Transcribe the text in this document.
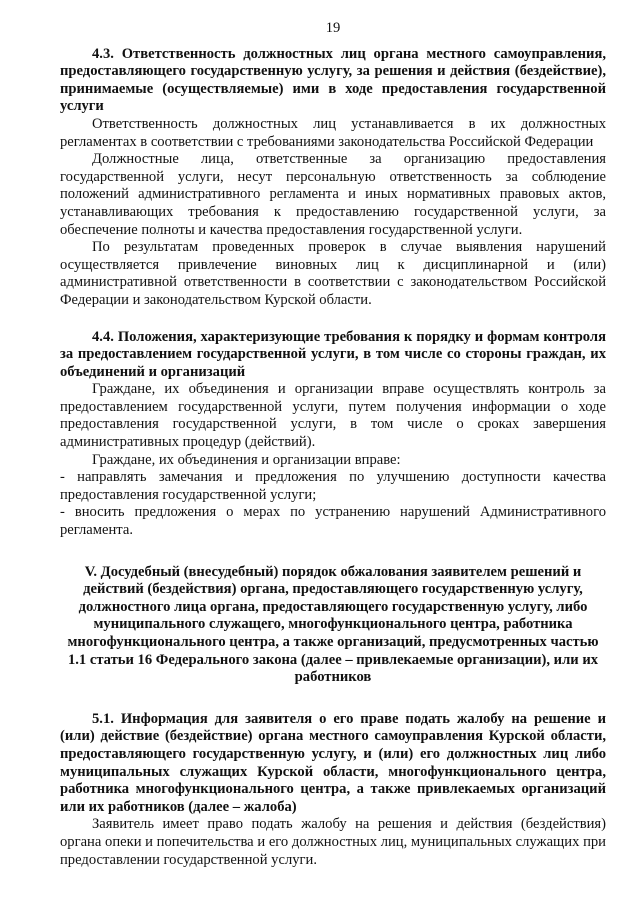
19

4.3. Ответственность должностных лиц органа местного самоуправления, предоставляющего государственную услугу, за решения и действия (бездействие), принимаемые (осуществляемые) ими в ходе предоставления государственной услуги

Ответственность должностных лиц устанавливается в их должностных регламентах в соответствии с требованиями законодательства Российской Федерации

Должностные лица, ответственные за организацию предоставления государственной услуги, несут персональную ответственность за соблюдение положений административного регламента и иных нормативных правовых актов, устанавливающих требования к предоставлению государственной услуги, за обеспечение полноты и качества предоставления государственной услуги.

По результатам проведенных проверок в случае выявления нарушений осуществляется привлечение виновных лиц к дисциплинарной и (или) административной ответственности в соответствии с законодательством Российской Федерации и законодательством Курской области.

4.4. Положения, характеризующие требования к порядку и формам контроля за предоставлением государственной услуги, в том числе со стороны граждан, их объединений и организаций

Граждане, их объединения и организации вправе осуществлять контроль за предоставлением государственной услуги, путем получения информации о ходе предоставления государственной услуги, в том числе о сроках завершения административных процедур (действий).

Граждане, их объединения и организации вправе:

- направлять замечания и предложения по улучшению доступности качества предоставления государственной услуги;

- вносить предложения о мерах по устранению нарушений Административного регламента.

V. Досудебный (внесудебный) порядок обжалования заявителем решений и действий (бездействия) органа, предоставляющего государственную услугу, должностного лица органа, предоставляющего государственную услугу, либо муниципального служащего, многофункционального центра, работника многофункционального центра, а также организаций, предусмотренных частью 1.1 статьи 16 Федерального закона (далее – привлекаемые организации), или их работников

5.1. Информация для заявителя о его праве подать жалобу на решение и (или) действие (бездействие) органа местного самоуправления Курской области, предоставляющего государственную услугу, и (или) его должностных лиц либо муниципальных служащих Курской области, многофункционального центра, работника многофункционального центра, а также привлекаемых организаций или их работников (далее – жалоба)

Заявитель имеет право подать жалобу на решения и действия (бездействия) органа опеки и попечительства и его должностных лиц, муниципальных служащих при предоставлении государственной услуги.
